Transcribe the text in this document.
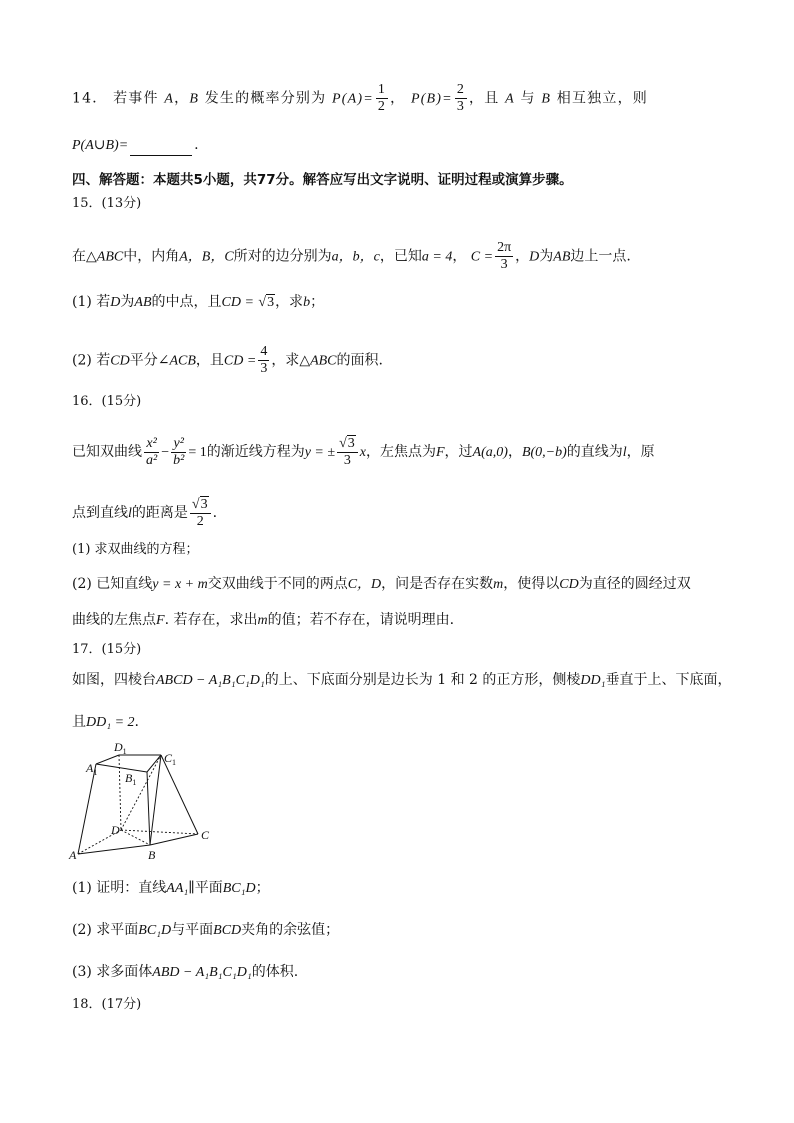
14． 若事件 A，B 发生的概率分别为 $P(A)= \frac{1}{2}$ ， $P(B)= \frac{2}{3}$ ，且 A 与 B 相互独立，则
P(A∪B)=	.
四、解答题：本题共5小题，共77分。解答应写出文字说明、证明过程或演算步骤。
15．(13分)
在△ABC中，内角A，B，C所对的边分别为a，b，c，已知a = 4， $C = \frac{2\pi}{3}$ ，D为AB边上一点.
(1) 若D为AB的中点，且CD = √3，求b；
(2) 若CD平分∠ACB，且CD = $\frac{4}{3}$ ，求△ABC的面积.
16．(15分)
已知双曲线 $\frac{\text{x²}}{\text{a²}} - \frac{\text{y²}}{\text{b²}} = 1$的渐近线方程为y = ± $\frac{√3}{3}$ x，左焦点为F，过A(a,0)，B(0,−b)的直线为l，原
点到直线l的距离是 $\frac{√3}{2}$ .
(1) 求双曲线的方程；
(2) 已知直线y = x + m交双曲线于不同的两点C，D，问是否存在实数m，使得以CD为直径的圆经过双
曲线的左焦点F. 若存在，求出m的值；若不存在，请说明理由.
17．(15分)
如图，四棱台ABCD − A₁B₁C₁D₁的上、下底面分别是边长为 1 和 2 的正方形，侧棱DD₁垂直于上、下底面，
且DD₁ = 2.
$A_1$
$D_1$	$C_1$
$B_1$
D	C
A	B
(1) 证明：直线AA₁∥平面BC₁D；
(2) 求平面BC₁D与平面BCD夹角的余弦值；
(3) 求多面体ABD − A₁B₁C₁D₁的体积.
18．(17分)
